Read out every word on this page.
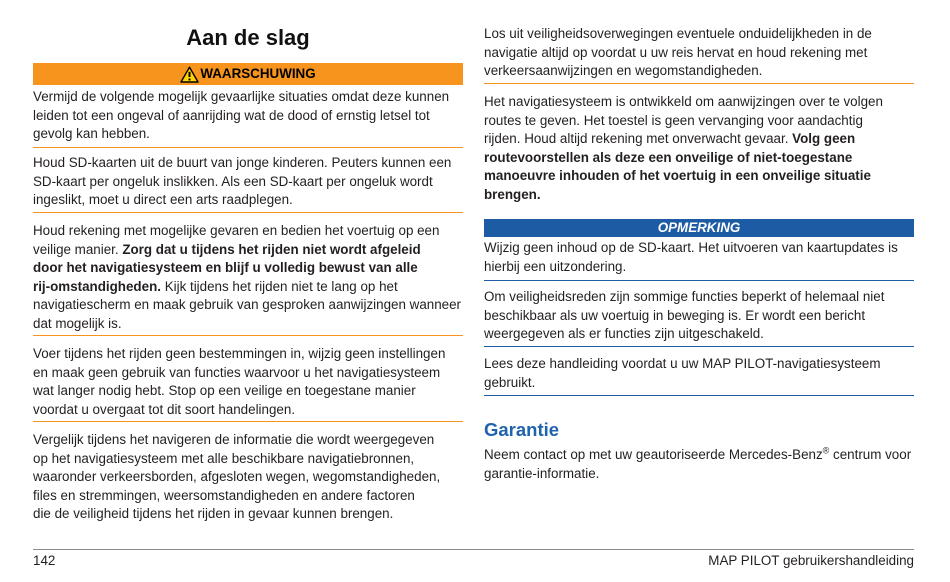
Aan de slag
WAARSCHUWING
Vermijd de volgende mogelijk gevaarlijke situaties omdat deze kunnen
leiden tot een ongeval of aanrijding wat de dood of ernstig letsel tot
gevolg kan hebben.
Houd SD-kaarten uit de buurt van jonge kinderen. Peuters kunnen een
SD-kaart per ongeluk inslikken. Als een SD-kaart per ongeluk wordt
ingeslikt, moet u direct een arts raadplegen.
Houd rekening met mogelijke gevaren en bedien het voertuig op een
veilige manier. Zorg dat u tijdens het rijden niet wordt afgeleid
door het navigatiesysteem en blijf u volledig bewust van alle
rij-omstandigheden. Kijk tijdens het rijden niet te lang op het
navigatiescherm en maak gebruik van gesproken aanwijzingen wanneer
dat mogelijk is.
Voer tijdens het rijden geen bestemmingen in, wijzig geen instellingen
en maak geen gebruik van functies waarvoor u het navigatiesysteem
wat langer nodig hebt. Stop op een veilige en toegestane manier
voordat u overgaat tot dit soort handelingen.
Vergelijk tijdens het navigeren de informatie die wordt weergegeven
op het navigatiesysteem met alle beschikbare navigatiebronnen,
waaronder verkeersborden, afgesloten wegen, wegomstandigheden,
files en stremmingen, weersomstandigheden en andere factoren
die de veiligheid tijdens het rijden in gevaar kunnen brengen.
Los uit veiligheidsoverwegingen eventuele onduidelijkheden in de
navigatie altijd op voordat u uw reis hervat en houd rekening met
verkeersaanwijzingen en wegomstandigheden.
Het navigatiesysteem is ontwikkeld om aanwijzingen over te volgen
routes te geven. Het toestel is geen vervanging voor aandachtig
rijden. Houd altijd rekening met onverwacht gevaar. Volg geen
routevoorstellen als deze een onveilige of niet-toegestane
manoeuvre inhouden of het voertuig in een onveilige situatie
brengen.
OPMERKING
Wijzig geen inhoud op de SD-kaart. Het uitvoeren van kaartupdates is
hierbij een uitzondering.
Om veiligheidsreden zijn sommige functies beperkt of helemaal niet
beschikbaar als uw voertuig in beweging is. Er wordt een bericht
weergegeven als er functies zijn uitgeschakeld.
Lees deze handleiding voordat u uw MAP PILOT-navigatiesysteem
gebruikt.
Garantie
Neem contact op met uw geautoriseerde Mercedes-Benz® centrum voor
garantie-informatie.
142	MAP PILOT gebruikershandleiding
